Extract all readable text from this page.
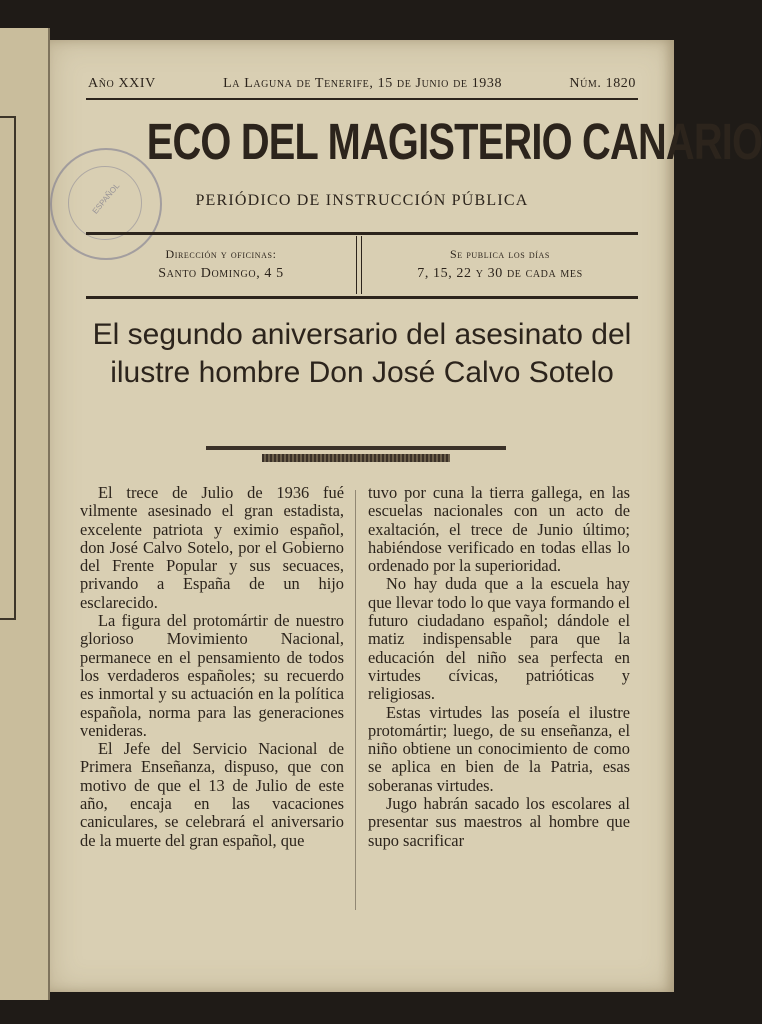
ESPAÑOL
Año XXIV	La Laguna de Tenerife, 15 de Junio de 1938	Núm. 1820
ECO DEL MAGISTERIO CANARIO
PERIÓDICO DE INSTRUCCIÓN PÚBLICA
Dirección y oficinas:
Santo Domingo, 4 5
Se publica los días
7, 15, 22 y 30 de cada mes
El segundo aniversario del asesinato del ilustre hombre Don José Calvo Sotelo

El trece de Julio de 1936 fué vilmente asesinado el gran estadista, excelente patriota y eximio español, don José Calvo Sotelo, por el Gobierno del Frente Popular y sus secuaces, privando a España de un hijo esclarecido.

La figura del protomártir de nuestro glorioso Movimiento Nacional, permanece en el pensamiento de todos los verdaderos españoles; su recuerdo es inmortal y su actuación en la política española, norma para las generaciones venideras.

El Jefe del Servicio Nacional de Primera Enseñanza, dispuso, que con motivo de que el 13 de Julio de este año, encaja en las vacaciones caniculares, se celebrará el aniversario de la muerte del gran español, que

tuvo por cuna la tierra gallega, en las escuelas nacionales con un acto de exaltación, el trece de Junio último; habiéndose verificado en todas ellas lo ordenado por la superioridad.

No hay duda que a la escuela hay que llevar todo lo que vaya formando el futuro ciudadano español; dándole el matiz indispensable para que la educación del niño sea perfecta en virtudes cívicas, patrióticas y religiosas.

Estas virtudes las poseía el ilustre protomártir; luego, de su enseñanza, el niño obtiene un conocimiento de como se aplica en bien de la Patria, esas soberanas virtudes.

Jugo habrán sacado los escolares al presentar sus maestros al hombre que supo sacrificar
